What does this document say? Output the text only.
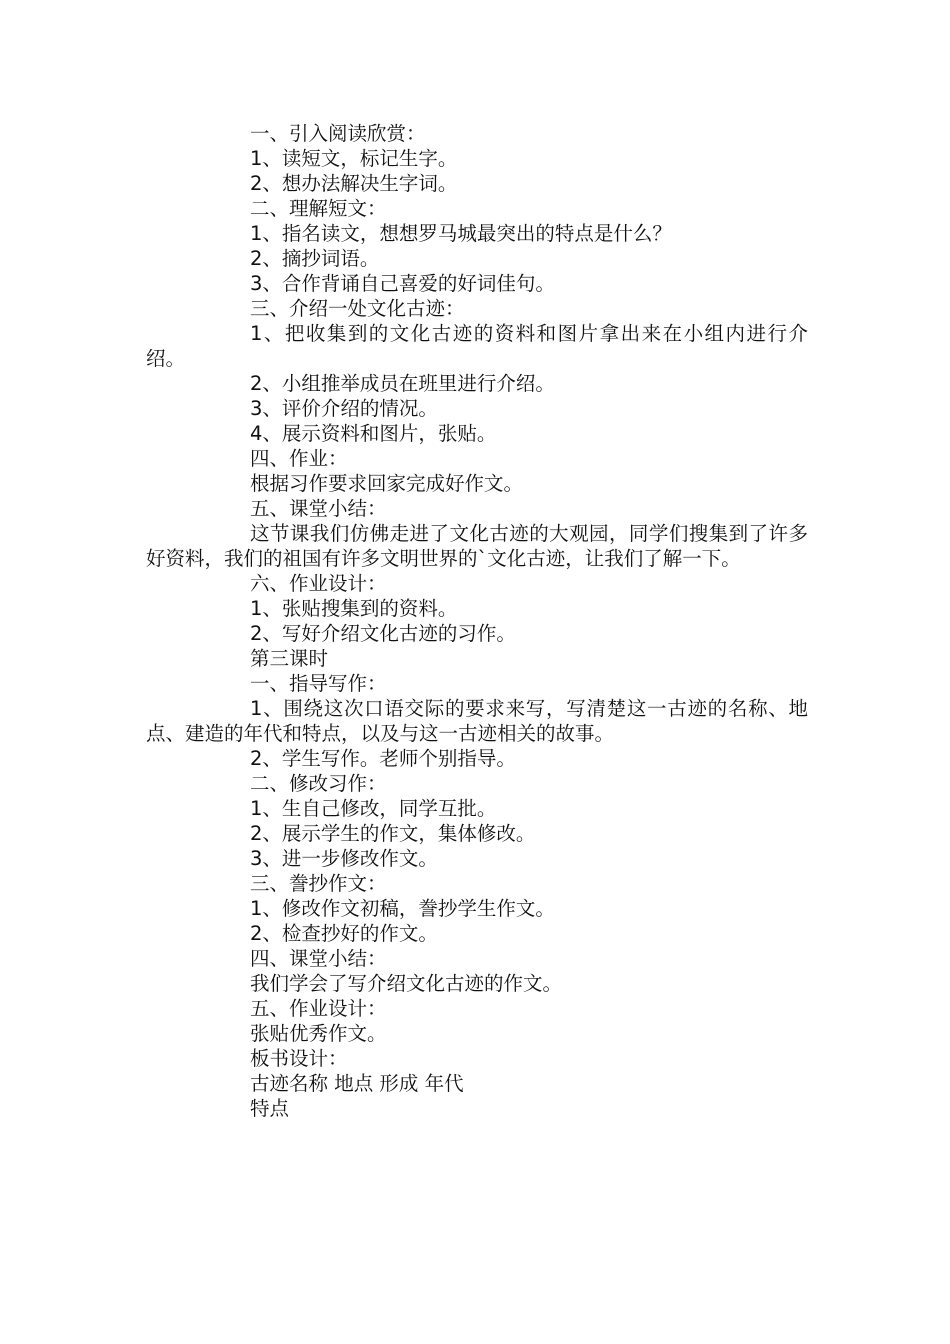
一、引入阅读欣赏：
1、读短文，标记生字。
2、想办法解决生字词。
二、理解短文：
1、指名读文，想想罗马城最突出的特点是什么？
2、摘抄词语。
3、合作背诵自己喜爱的好词佳句。
三、介绍一处文化古迹：
1、把收集到的文化古迹的资料和图片拿出来在小组内进行介绍。
2、小组推举成员在班里进行介绍。
3、评价介绍的情况。
4、展示资料和图片，张贴。
四、作业：
根据习作要求回家完成好作文。
五、课堂小结：
这节课我们仿佛走进了文化古迹的大观园，同学们搜集到了许多好资料，我们的祖国有许多文明世界的`文化古迹，让我们了解一下。
六、作业设计：
1、张贴搜集到的资料。
2、写好介绍文化古迹的习作。
第三课时
一、指导写作：
1、围绕这次口语交际的要求来写，写清楚这一古迹的名称、地点、建造的年代和特点，以及与这一古迹相关的故事。
2、学生写作。老师个别指导。
二、修改习作：
1、生自己修改，同学互批。
2、展示学生的作文，集体修改。
3、进一步修改作文。
三、誊抄作文：
1、修改作文初稿，誊抄学生作文。
2、检查抄好的作文。
四、课堂小结：
我们学会了写介绍文化古迹的作文。
五、作业设计：
张贴优秀作文。
板书设计：
古迹名称 地点 形成 年代
特点
